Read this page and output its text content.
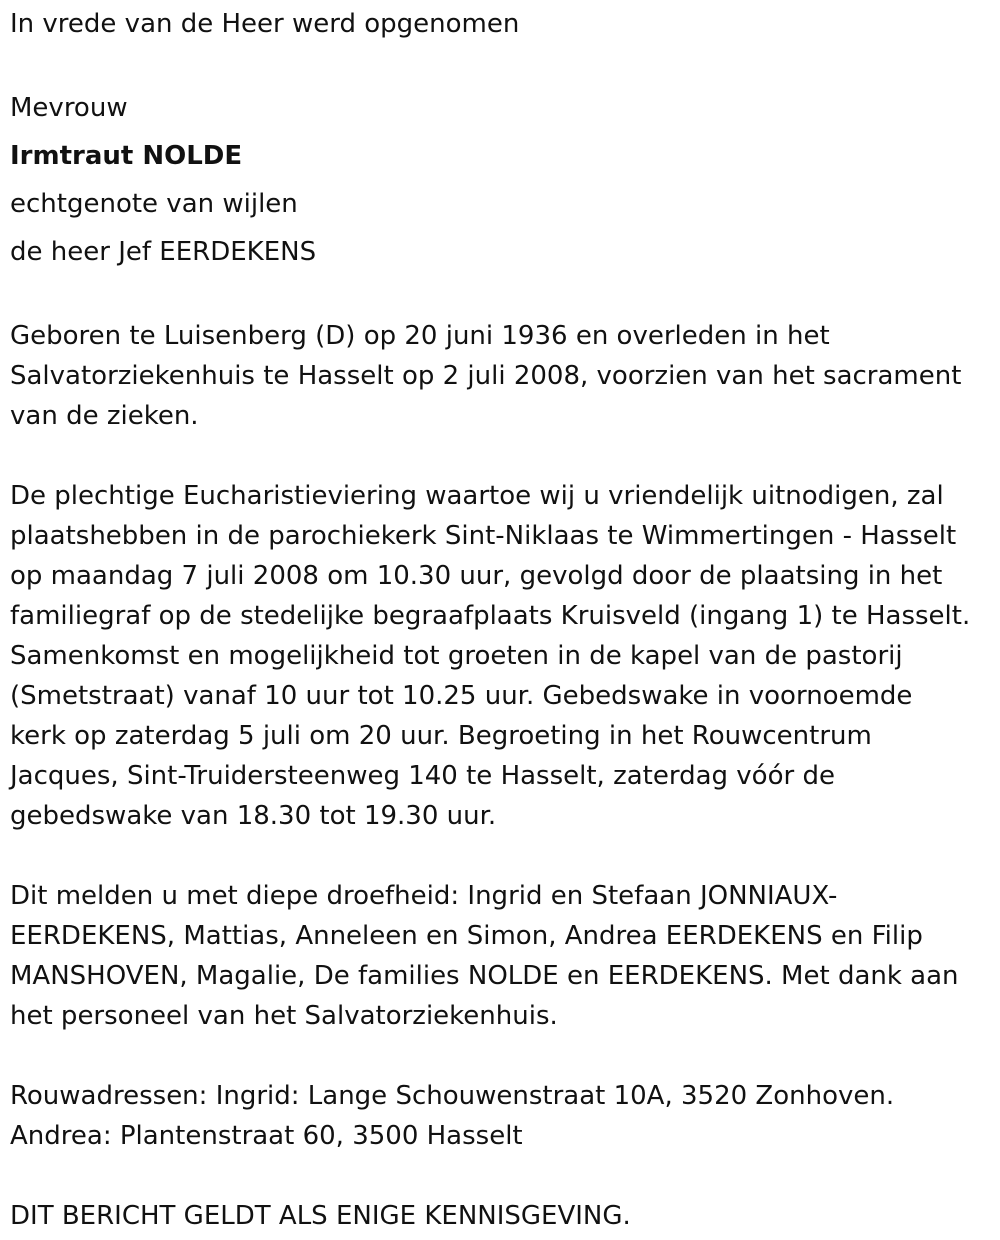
In vrede van de Heer werd opgenomen

Mevrouw

Irmtraut NOLDE

echtgenote van wijlen

de heer Jef EERDEKENS

Geboren te Luisenberg (D) op 20 juni 1936 en overleden in het

Salvatorziekenhuis te Hasselt op 2 juli 2008, voorzien van het sacrament

van de zieken.

De plechtige Eucharistieviering waartoe wij u vriendelijk uitnodigen, zal

plaatshebben in de parochiekerk Sint-Niklaas te Wimmertingen - Hasselt

op maandag 7 juli 2008 om 10.30 uur, gevolgd door de plaatsing in het

familiegraf op de stedelijke begraafplaats Kruisveld (ingang 1) te Hasselt.

Samenkomst en mogelijkheid tot groeten in de kapel van de pastorij

(Smetstraat) vanaf 10 uur tot 10.25 uur. Gebedswake in voornoemde

kerk op zaterdag 5 juli om 20 uur. Begroeting in het Rouwcentrum

Jacques, Sint-Truidersteenweg 140 te Hasselt, zaterdag vóór de

gebedswake van 18.30 tot 19.30 uur.

Dit melden u met diepe droefheid: Ingrid en Stefaan JONNIAUX-

EERDEKENS, Mattias, Anneleen en Simon, Andrea EERDEKENS en Filip

MANSHOVEN, Magalie, De families NOLDE en EERDEKENS. Met dank aan

het personeel van het Salvatorziekenhuis.

Rouwadressen: Ingrid: Lange Schouwenstraat 10A, 3520 Zonhoven.

Andrea: Plantenstraat 60, 3500 Hasselt

DIT BERICHT GELDT ALS ENIGE KENNISGEVING.
